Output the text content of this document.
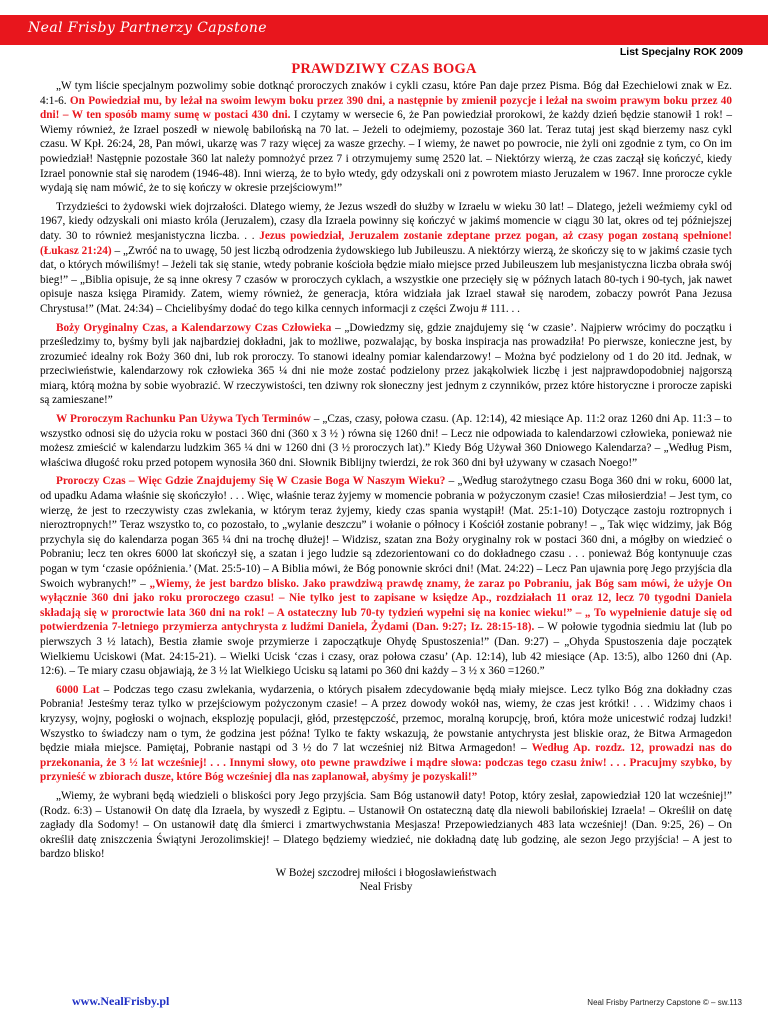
Neal Frisby Partnerzy Capstone
List Specjalny ROK 2009
PRAWDZIWY CZAS BOGA

„W tym liście specjalnym pozwolimy sobie dotknąć proroczych znaków i cykli czasu, które Pan daje przez Pisma. Bóg dał Ezechielowi znak w Ez. 4:1-6. On Powiedział mu, by leżał na swoim lewym boku przez 390 dni, a następnie by zmienił pozycje i leżał na swoim prawym boku przez 40 dni! – W ten sposób mamy sumę w postaci 430 dni. I czytamy w wersecie 6, że Pan powiedział prorokowi, że każdy dzień będzie stanowił 1 rok! – Wiemy również, że Izrael poszedł w niewolę babilońską na 70 lat. – Jeżeli to odejmiemy, pozostaje 360 lat. Teraz tutaj jest skąd bierzemy nasz cykl czasu. W Kpł. 26:24, 28, Pan mówi, ukarzę was 7 razy więcej za wasze grzechy. – I wiemy, że nawet po powrocie, nie żyli oni zgodnie z tym, co On im powiedział! Następnie pozostałe 360 lat należy pomnożyć przez 7 i otrzymujemy sumę 2520 lat. – Niektórzy wierzą, że czas zaczął się kończyć, kiedy Izrael ponownie stał się narodem (1946-48). Inni wierzą, że to było wtedy, gdy odzyskali oni z powrotem miasto Jeruzalem w 1967. Inne prorocze cykle wydają się nam mówić, że to się kończy w okresie przejściowym!”

Trzydzieści to żydowski wiek dojrzałości. Dlatego wiemy, że Jezus wszedł do służby w Izraelu w wieku 30 lat! – Dlatego, jeżeli weźmiemy cykl od 1967, kiedy odzyskali oni miasto króla (Jeruzalem), czasy dla Izraela powinny się kończyć w jakimś momencie w ciągu 30 lat, okres od tej późniejszej daty. 30 to również mesjanistyczna liczba. . . Jezus powiedział, Jeruzalem zostanie zdeptane przez pogan, aż czasy pogan zostaną spełnione! (Łukasz 21:24) – „Zwróć na to uwagę, 50 jest liczbą odrodzenia żydowskiego lub Jubileuszu. A niektórzy wierzą, że skończy się to w jakimś czasie tych dat, o których mówiliśmy! – Jeżeli tak się stanie, wtedy pobranie kościoła będzie miało miejsce przed Jubileuszem lub mesjanistyczna liczba obrała swój bieg!” – „Biblia opisuje, że są inne okresy 7 czasów w proroczych cyklach, a wszystkie one przecięły się w późnych latach 80-tych i 90-tych, jak nawet opisuje nasza księga Piramidy. Zatem, wiemy również, że generacja, która widziała jak Izrael stawał się narodem, zobaczy powrót Pana Jezusa Chrystusa!” (Mat. 24:34) – Chcielibyśmy dodać do tego kilka cennych informacji z części Zwoju # 111. . .

Boży Oryginalny Czas, a Kalendarzowy Czas Człowieka – „Dowiedzmy się, gdzie znajdujemy się ‘w czasie’. Najpierw wrócimy do początku i prześledzimy to, byśmy byli jak najbardziej dokładni, jak to możliwe, pozwalając, by boska inspiracja nas prowadziła! Po pierwsze, konieczne jest, by zrozumieć idealny rok Boży 360 dni, lub rok proroczy. To stanowi idealny pomiar kalendarzowy! – Można być podzielony od 1 do 20 itd. Jednak, w przeciwieństwie, kalendarzowy rok człowieka 365 ¼ dni nie może zostać podzielony przez jakąkolwiek liczbę i jest najprawdopodobniej najgorszą miarą, którą można by sobie wyobrazić. W rzeczywistości, ten dziwny rok słoneczny jest jednym z czynników, przez które historyczne i prorocze zapiski są zamieszane!”

W Proroczym Rachunku Pan Używa Tych Terminów – „Czas, czasy, połowa czasu. (Ap. 12:14), 42 miesiące Ap. 11:2 oraz 1260 dni Ap. 11:3 – to wszystko odnosi się do użycia roku w postaci 360 dni (360 x 3 ½ ) równa się 1260 dni! – Lecz nie odpowiada to kalendarzowi człowieka, ponieważ nie możesz zmieścić w kalendarzu ludzkim 365 ¼ dni w 1260 dni (3 ½ proroczych lat).” Kiedy Bóg Używał 360 Dniowego Kalendarza? – „Według Pism, właściwa długość roku przed potopem wynosiła 360 dni. Słownik Biblijny twierdzi, że rok 360 dni był używany w czasach Noego!”

Proroczy Czas – Więc Gdzie Znajdujemy Się W Czasie Boga W Naszym Wieku? – „Według starożytnego czasu Boga 360 dni w roku, 6000 lat, od upadku Adama właśnie się skończyło! . . . Więc, właśnie teraz żyjemy w momencie pobrania w pożyczonym czasie! Czas miłosierdzia! – Jest tym, co wierzę, że jest to rzeczywisty czas zwlekania, w którym teraz żyjemy, kiedy czas spania wystąpił! (Mat. 25:1-10) Dotyczące zastoju roztropnych i nieroztropnych!” Teraz wszystko to, co pozostało, to „wylanie deszczu” i wołanie o północy i Kościół zostanie pobrany! – „ Tak więc widzimy, jak Bóg przychyla się do kalendarza pogan 365 ¼ dni na trochę dłużej! – Widzisz, szatan zna Boży oryginalny rok w postaci 360 dni, a mógłby on wiedzieć o Pobraniu; lecz ten okres 6000 lat skończył się, a szatan i jego ludzie są zdezorientowani co do dokładnego czasu . . . ponieważ Bóg kontynuuje czas pogan w tym ‘czasie opóźnienia.’ (Mat. 25:5-10) – A Biblia mówi, że Bóg ponownie skróci dni! (Mat. 24:22) – Lecz Pan ujawnia porę Jego przyjścia dla Swoich wybranych!” – „Wiemy, że jest bardzo blisko. Jako prawdziwą prawdę znamy, że zaraz po Pobraniu, jak Bóg sam mówi, że użyje On wyłącznie 360 dni jako roku proroczego czasu! – Nie tylko jest to zapisane w księdze Ap., rozdziałach 11 oraz 12, lecz 70 tygodni Daniela składają się w proroctwie lata 360 dni na rok! – A ostateczny lub 70-ty tydzień wypełni się na koniec wieku!” – „ To wypełnienie datuje się od potwierdzenia 7-letniego przymierza antychrysta z ludźmi Daniela, Żydami (Dan. 9:27; Iz. 28:15-18). – W połowie tygodnia siedmiu lat (lub po pierwszych 3 ½ latach), Bestia złamie swoje przymierze i zapoczątkuje Ohydę Spustoszenia!” (Dan. 9:27) – „Ohyda Spustoszenia daje początek Wielkiemu Uciskowi (Mat. 24:15-21). – Wielki Ucisk ‘czas i czasy, oraz połowa czasu’ (Ap. 12:14), lub 42 miesiące (Ap. 13:5), albo 1260 dni (Ap. 12:6). – Te miary czasu objawiają, że 3 ½ lat Wielkiego Ucisku są latami po 360 dni każdy – 3 ½ x 360 =1260.”

6000 Lat – Podczas tego czasu zwlekania, wydarzenia, o których pisałem zdecydowanie będą miały miejsce. Lecz tylko Bóg zna dokładny czas Pobrania! Jesteśmy teraz tylko w przejściowym pożyczonym czasie! – A przez dowody wokół nas, wiemy, że czas jest krótki! . . . Widzimy chaos i kryzysy, wojny, pogłoski o wojnach, eksplozję populacji, głód, przestępczość, przemoc, moralną korupcję, broń, która może unicestwić rodzaj ludzki! Wszystko to świadczy nam o tym, że godzina jest późna! Tylko te fakty wskazują, że powstanie antychrysta jest bliskie oraz, że Bitwa Armagedon będzie miała miejsce. Pamiętaj, Pobranie nastąpi od 3 ½ do 7 lat wcześniej niż Bitwa Armagedon! – Według Ap. rozdz. 12, prowadzi nas do przekonania, że 3 ½ lat wcześniej! . . . Innymi słowy, oto pewne prawdziwe i mądre słowa: podczas tego czasu żniw! . . . Pracujmy szybko, by przynieść w zbiorach dusze, które Bóg wcześniej dla nas zaplanował, abyśmy je pozyskali!”

„Wiemy, że wybrani będą wiedzieli o bliskości pory Jego przyjścia. Sam Bóg ustanowił daty! Potop, który zesłał, zapowiedział 120 lat wcześniej!” (Rodz. 6:3) – Ustanowił On datę dla Izraela, by wyszedł z Egiptu. – Ustanowił On ostateczną datę dla niewoli babilońskiej Izraela! – Określił on datę zagłady dla Sodomy! – On ustanowił datę dla śmierci i zmartwychwstania Mesjasza! Przepowiedzianych 483 lata wcześniej! (Dan. 9:25, 26) – On określił datę zniszczenia Świątyni Jerozolimskiej! – Dlatego będziemy wiedzieć, nie dokładną datę lub godzinę, ale sezon Jego przyjścia! – A jest to bardzo blisko!

W Bożej szczodrej miłości i błogosławieństwach

Neal Frisby

www.NealFrisby.pl	Neal Frisby Partnerzy Capstone © – sw.113
